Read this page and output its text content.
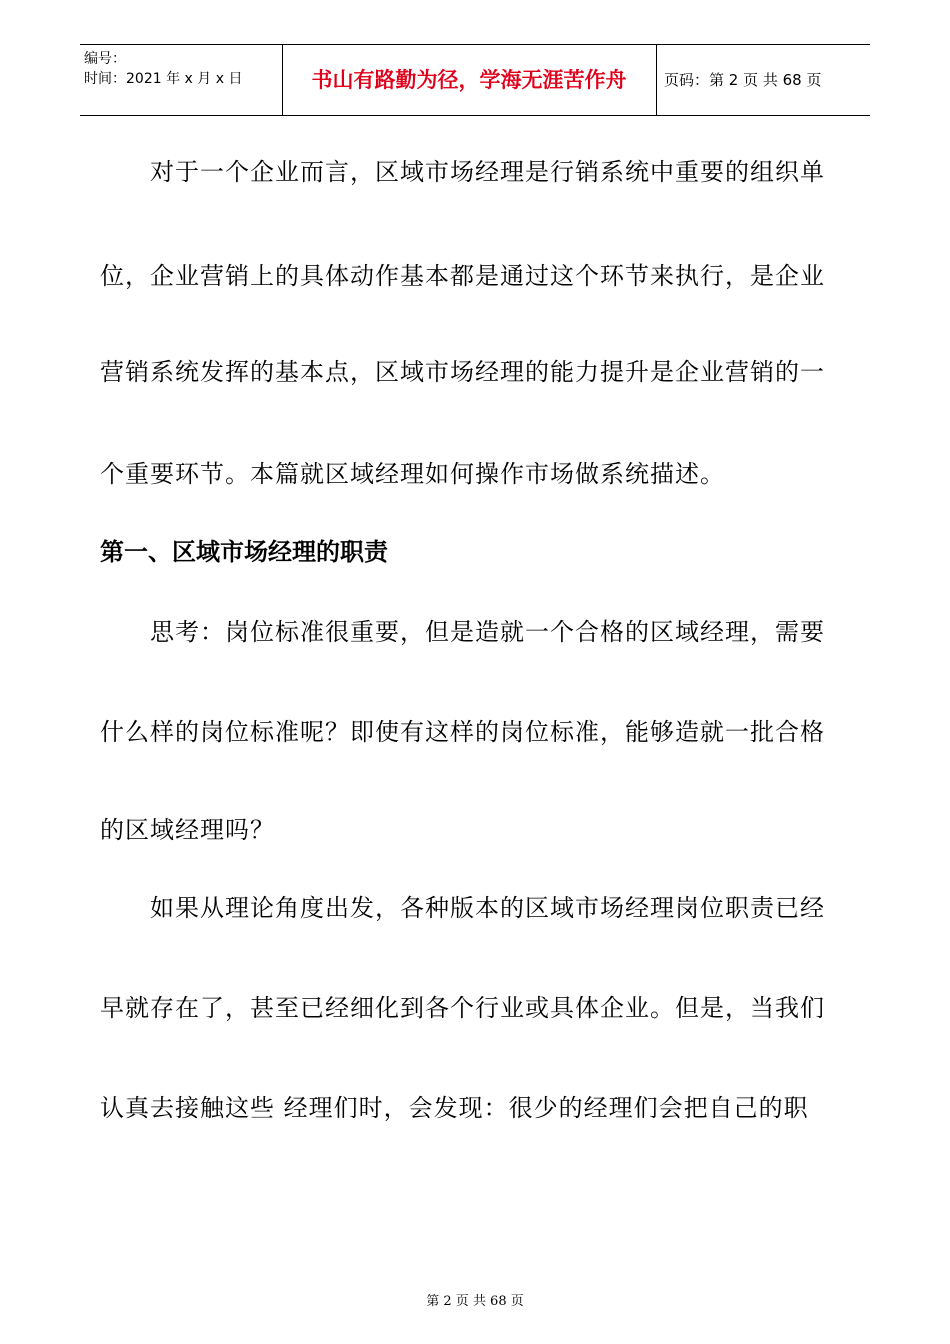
编号：
时间：2021 年 x 月 x 日	书山有路勤为径，学海无涯苦作舟	页码：第 2 页 共 68 页
　　对于一个企业而言，区域市场经理是行销系统中重要的组织单
位，企业营销上的具体动作基本都是通过这个环节来执行，是企业
营销系统发挥的基本点，区域市场经理的能力提升是企业营销的一
个重要环节。本篇就区域经理如何操作市场做系统描述。
第一、区域市场经理的职责
　　思考：岗位标准很重要，但是造就一个合格的区域经理，需要
什么样的岗位标准呢？即使有这样的岗位标准，能够造就一批合格
的区域经理吗？
　　如果从理论角度出发，各种版本的区域市场经理岗位职责已经
早就存在了，甚至已经细化到各个行业或具体企业。但是，当我们
认真去接触这些 经理们时，会发现：很少的经理们会把自己的职
第 2 页 共 68 页
